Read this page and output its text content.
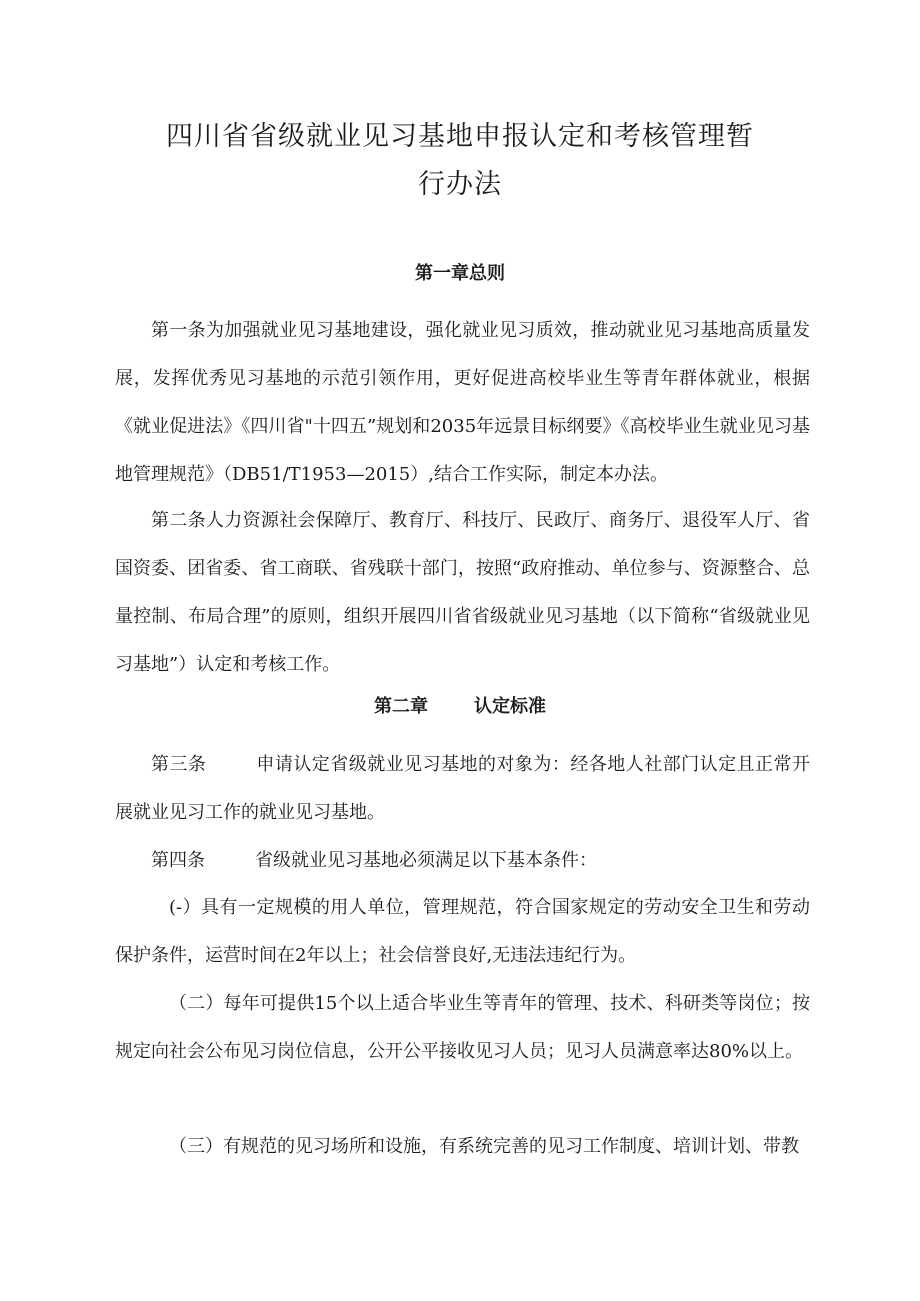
四川省省级就业见习基地申报认定和考核管理暂
行办法
第一章总则

第一条为加强就业见习基地建设，强化就业见习质效，推动就业见习基地高质量发展，发挥优秀见习基地的示范引领作用，更好促进高校毕业生等青年群体就业，根据《就业促进法》《四川省"十四五”规划和2035年远景目标纲要》《高校毕业生就业见习基地管理规范》（DB51/T1953—2015）,结合工作实际，制定本办法。

第二条人力资源社会保障厅、教育厅、科技厅、民政厅、商务厅、退役军人厅、省国资委、团省委、省工商联、省残联十部门，按照“政府推动、单位参与、资源整合、总量控制、布局合理”的原则，组织开展四川省省级就业见习基地（以下简称“省级就业见习基地”）认定和考核工作。

第二章	认定标准

第三条	申请认定省级就业见习基地的对象为：经各地人社部门认定且正常开展就业见习工作的就业见习基地。

第四条	省级就业见习基地必须满足以下基本条件：

(-）具有一定规模的用人单位，管理规范，符合国家规定的劳动安全卫生和劳动保护条件，运营时间在2年以上；社会信誉良好,无违法违纪行为。

（二）每年可提供15个以上适合毕业生等青年的管理、技术、科研类等岗位；按规定向社会公布见习岗位信息，公开公平接收见习人员；见习人员满意率达80%以上。

（三）有规范的见习场所和设施，有系统完善的见习工作制度、培训计划、带教
